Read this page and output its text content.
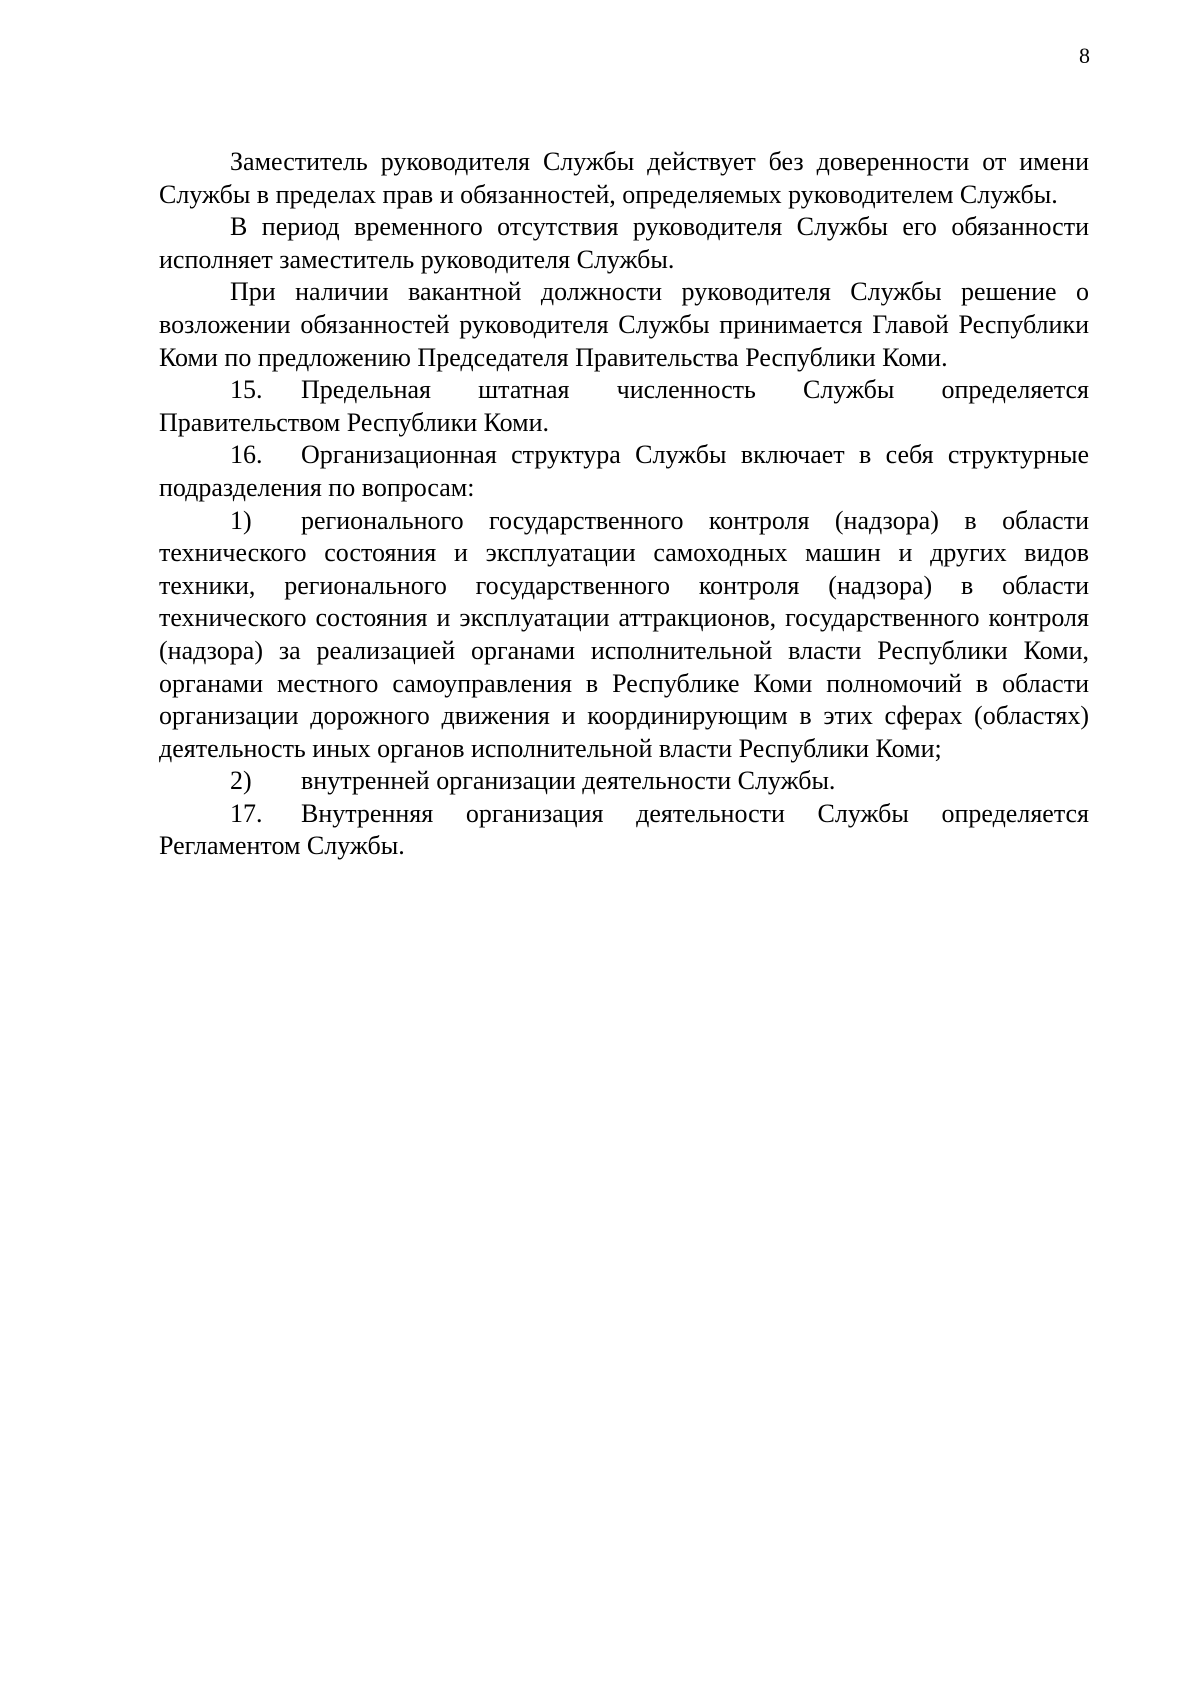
8

Заместитель руководителя Службы действует без доверенности от имени Службы в пределах прав и обязанностей, определяемых руководителем Службы.

В период временного отсутствия руководителя Службы его обязанности исполняет заместитель руководителя Службы.

При наличии вакантной должности руководителя Службы решение о возложении обязанностей руководителя Службы принимается Главой Республики Коми по предложению Председателя Правительства Республики Коми.

15. Предельная штатная численность Службы определяется Правительством Республики Коми.

16. Организационная структура Службы включает в себя структурные подразделения по вопросам:

1) регионального государственного контроля (надзора) в области технического состояния и эксплуатации самоходных машин и других видов техники, регионального государственного контроля (надзора) в области технического состояния и эксплуатации аттракционов, государственного контроля (надзора) за реализацией органами исполнительной власти Республики Коми, органами местного самоуправления в Республике Коми полномочий в области организации дорожного движения и координирующим в этих сферах (областях) деятельность иных органов исполнительной власти Республики Коми;

2) внутренней организации деятельности Службы.

17. Внутренняя организация деятельности Службы определяется Регламентом Службы.
